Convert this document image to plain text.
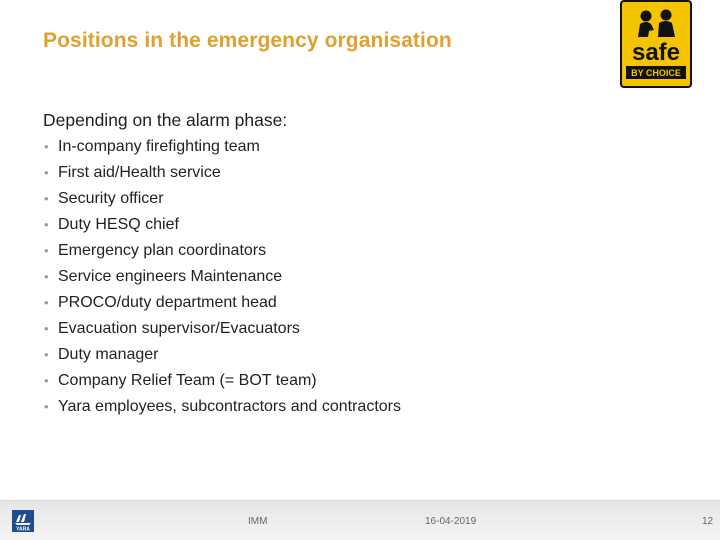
Positions in the emergency organisation	safe
BY CHOICE
Depending on the alarm phase:
• In-company firefighting team
• First aid/Health service
• Security officer
• Duty HESQ chief
• Emergency plan coordinators
• Service engineers Maintenance
• PROCO/duty department head
• Evacuation supervisor/Evacuators
• Duty manager
• Company Relief Team (= BOT team)
• Yara employees, subcontractors and contractors
YARA
IMM	16-04-2019	12
